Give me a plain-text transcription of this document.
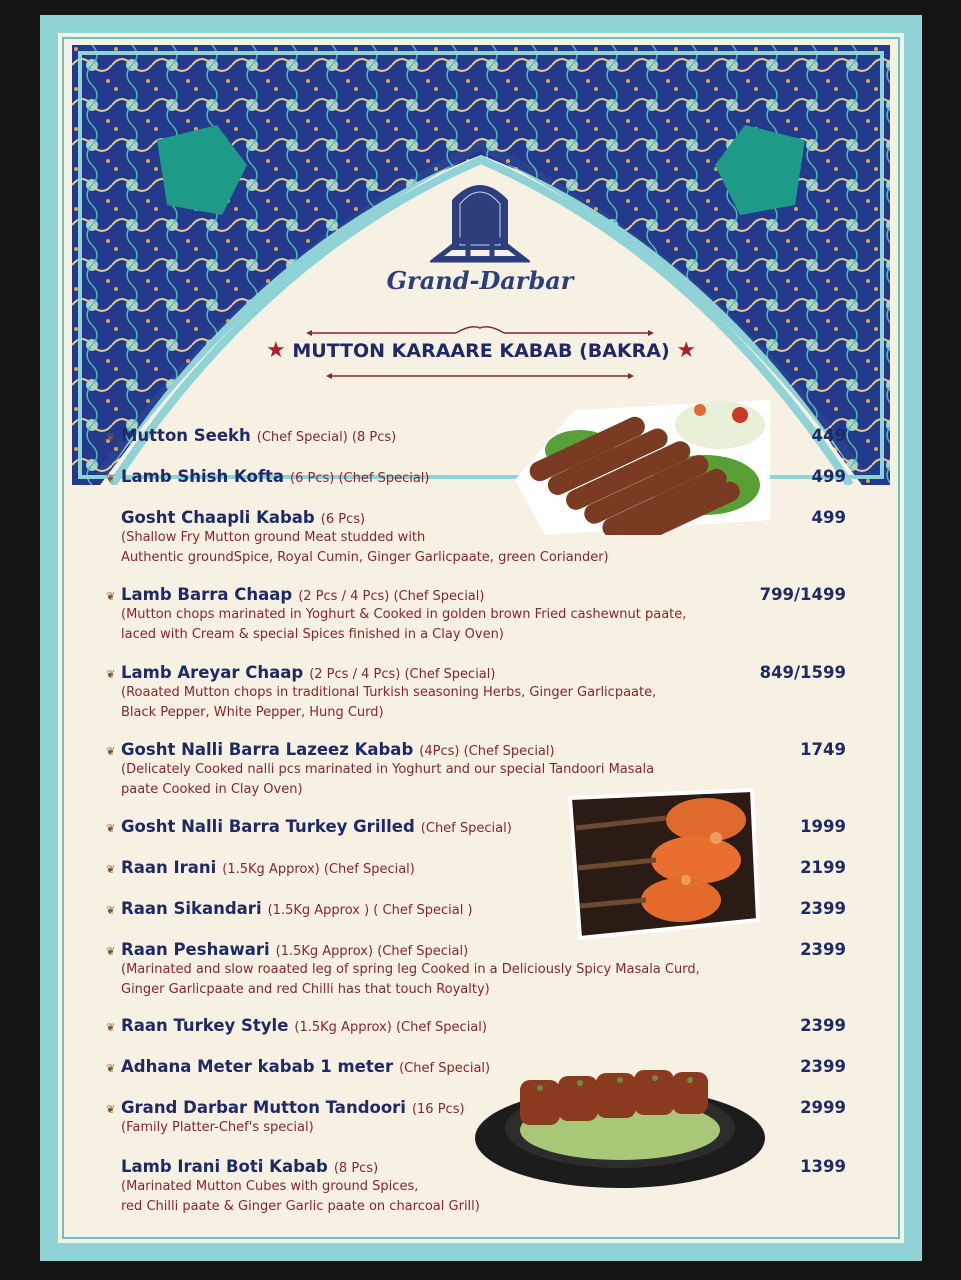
Grand-Darbar
★ MUTTON KARAARE KABAB (BAKRA) ★
❦ Mutton Seekh (Chef Special) (8 Pcs)	449
❦ Lamb Shish Kofta (6 Pcs) (Chef Special)	499
Gosht Chaapli Kabab (6 Pcs)	499
(Shallow Fry Mutton ground Meat studded with
Authentic groundSpice, Royal Cumin, Ginger Garlicpaate, green Coriander)
❦ Lamb Barra Chaap (2 Pcs / 4 Pcs) (Chef Special)	799/1499
(Mutton chops marinated in Yoghurt & Cooked in golden brown Fried cashewnut paate,
laced with Cream & special Spices finished in a Clay Oven)
❦ Lamb Areyar Chaap (2 Pcs / 4 Pcs) (Chef Special)	849/1599
(Roaated Mutton chops in traditional Turkish seasoning Herbs, Ginger Garlicpaate,
Black Pepper, White Pepper, Hung Curd)
❦ Gosht Nalli Barra Lazeez Kabab (4Pcs) (Chef Special)	1749
(Delicately Cooked nalli pcs marinated in Yoghurt and our special Tandoori Masala
paate Cooked in Clay Oven)
❦ Gosht Nalli Barra Turkey Grilled (Chef Special)	1999
❦ Raan Irani (1.5Kg Approx) (Chef Special)	2199
❦ Raan Sikandari (1.5Kg Approx ) ( Chef Special )	2399
❦ Raan Peshawari (1.5Kg Approx) (Chef Special)	2399
(Marinated and slow roaated leg of spring leg Cooked in a Deliciously Spicy Masala Curd,
Ginger Garlicpaate and red Chilli has that touch Royalty)
❦ Raan Turkey Style (1.5Kg Approx) (Chef Special)	2399
❦ Adhana Meter kabab 1 meter (Chef Special)	2399
❦ Grand Darbar Mutton Tandoori (16 Pcs)	2999
(Family Platter-Chef's special)
Lamb Irani Boti Kabab (8 Pcs)	1399
(Marinated Mutton Cubes with ground Spices,
red Chilli paate & Ginger Garlic paate on charcoal Grill)
